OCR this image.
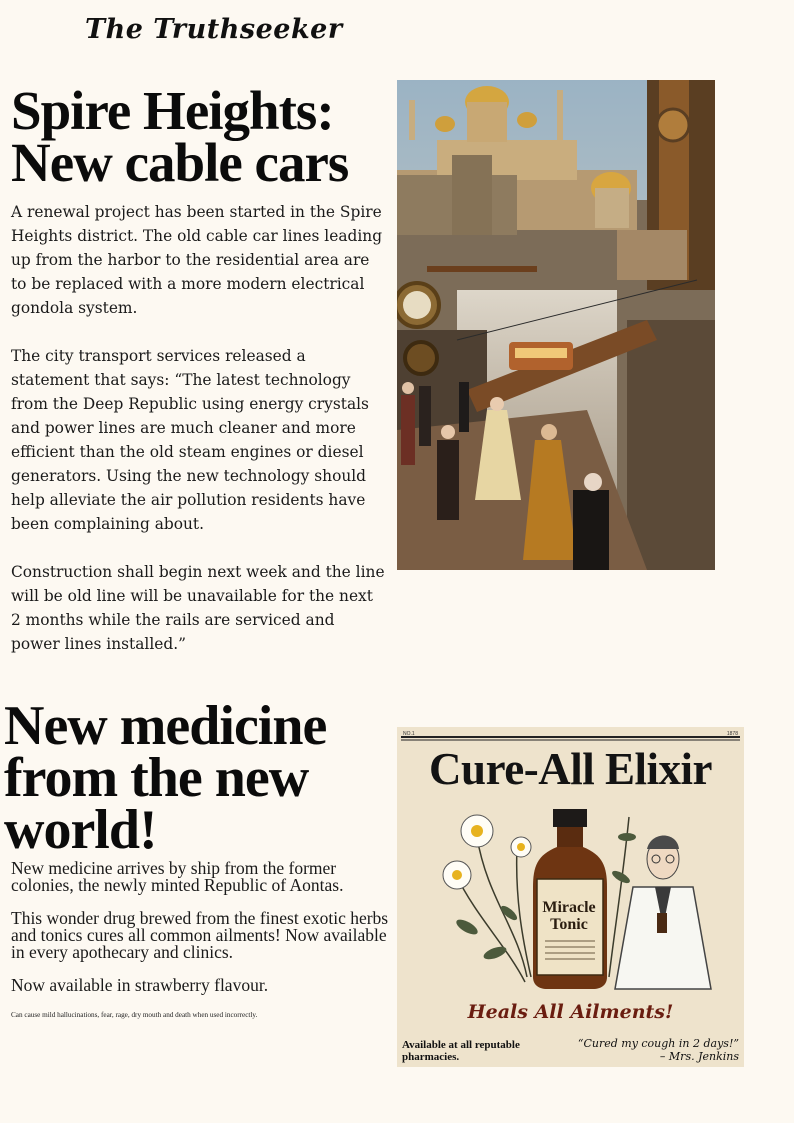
The Truthseeker
Spire Heights: New cable cars

A renewal project has been started in the Spire Heights district. The old cable car lines leading up from the harbor to the residential area are to be replaced with a more modern electrical gondola system.

The city transport services released a statement that says: “The latest technology from the Deep Republic using energy crystals and power lines are much cleaner and more efficient than the old steam engines or diesel generators. Using the new technology should help alleviate the air pollution residents have been complaining about.

Construction shall begin next week and the line will be old line will be unavailable for the next 2 months while the rails are serviced and power lines installed.”

New medicine from the new world!

New medicine arrives by ship from the former colonies, the newly minted Republic of Aontas.

This wonder drug brewed from the finest exotic herbs and tonics cures all common ailments! Now available in every apothecary and clinics.

Now available in strawberry flavour.

Can cause mild hallucinations, fear, rage, dry mouth and death when used incorrectly.
NO.1	1878
Cure-All Elixir
Miracle Tonic
Heals All Ailments!
Available at all reputable pharmacies.
“Cured my cough in 2 days!”
– Mrs. Jenkins
